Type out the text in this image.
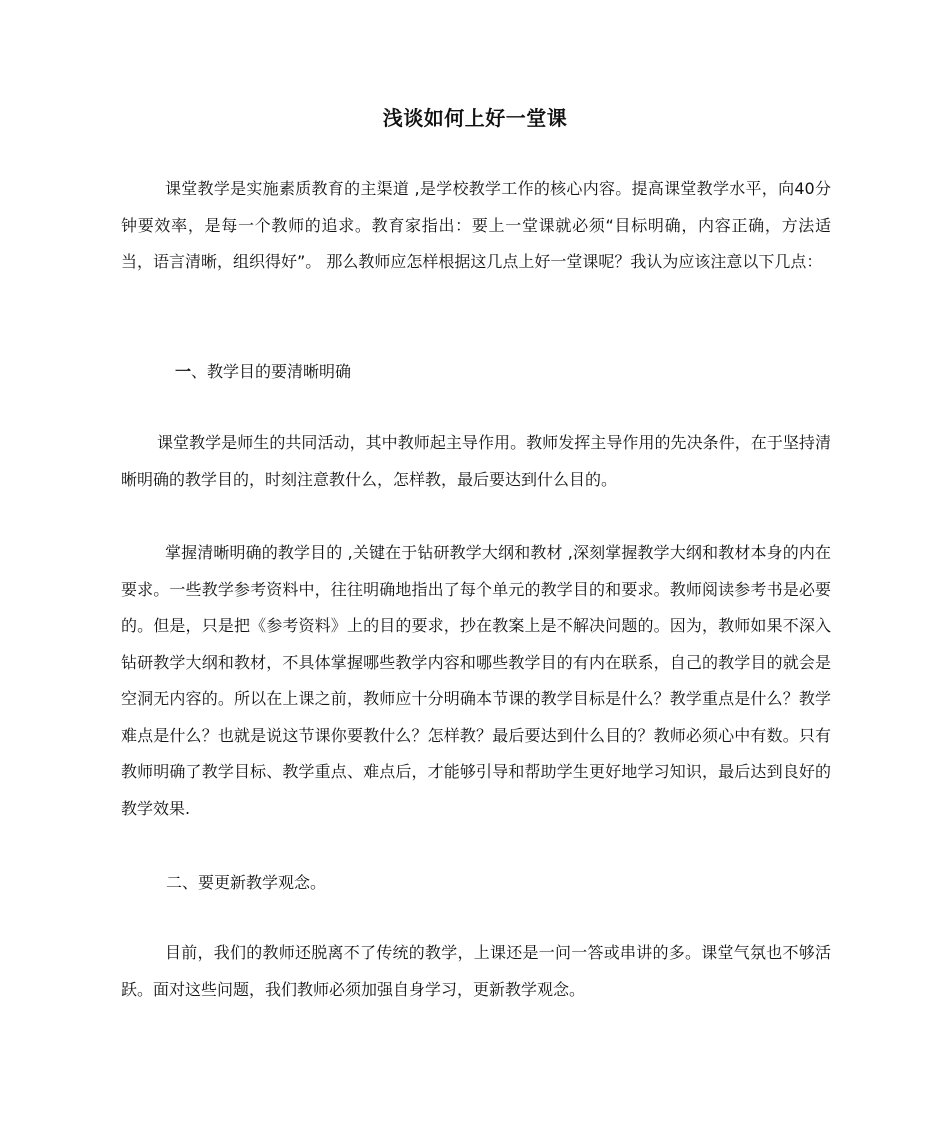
浅谈如何上好一堂课

课堂教学是实施素质教育的主渠道 ,是学校教学工作的核心内容。提高课堂教学水平，向40分钟要效率，是每一个教师的追求。教育家指出：要上一堂课就必须“目标明确，内容正确，方法适当，语言清晰，组织得好”。 那么教师应怎样根据这几点上好一堂课呢？我认为应该注意以下几点：

一、教学目的要清晰明确

课堂教学是师生的共同活动，其中教师起主导作用。教师发挥主导作用的先决条件，在于坚持清晰明确的教学目的，时刻注意教什么，怎样教，最后要达到什么目的。

掌握清晰明确的教学目的 ,关键在于钻研教学大纲和教材 ,深刻掌握教学大纲和教材本身的内在要求。一些教学参考资料中，往往明确地指出了每个单元的教学目的和要求。教师阅读参考书是必要的。但是，只是把《参考资料》上的目的要求，抄在教案上是不解决问题的。因为，教师如果不深入钻研教学大纲和教材，不具体掌握哪些教学内容和哪些教学目的有内在联系，自己的教学目的就会是空洞无内容的。所以在上课之前，教师应十分明确本节课的教学目标是什么？教学重点是什么？教学难点是什么？也就是说这节课你要教什么？怎样教？最后要达到什么目的？教师必须心中有数。只有教师明确了教学目标、教学重点、难点后，才能够引导和帮助学生更好地学习知识，最后达到良好的教学效果.

二、要更新教学观念。

目前，我们的教师还脱离不了传统的教学，上课还是一问一答或串讲的多。课堂气氛也不够活跃。面对这些问题，我们教师必须加强自身学习，更新教学观念。
